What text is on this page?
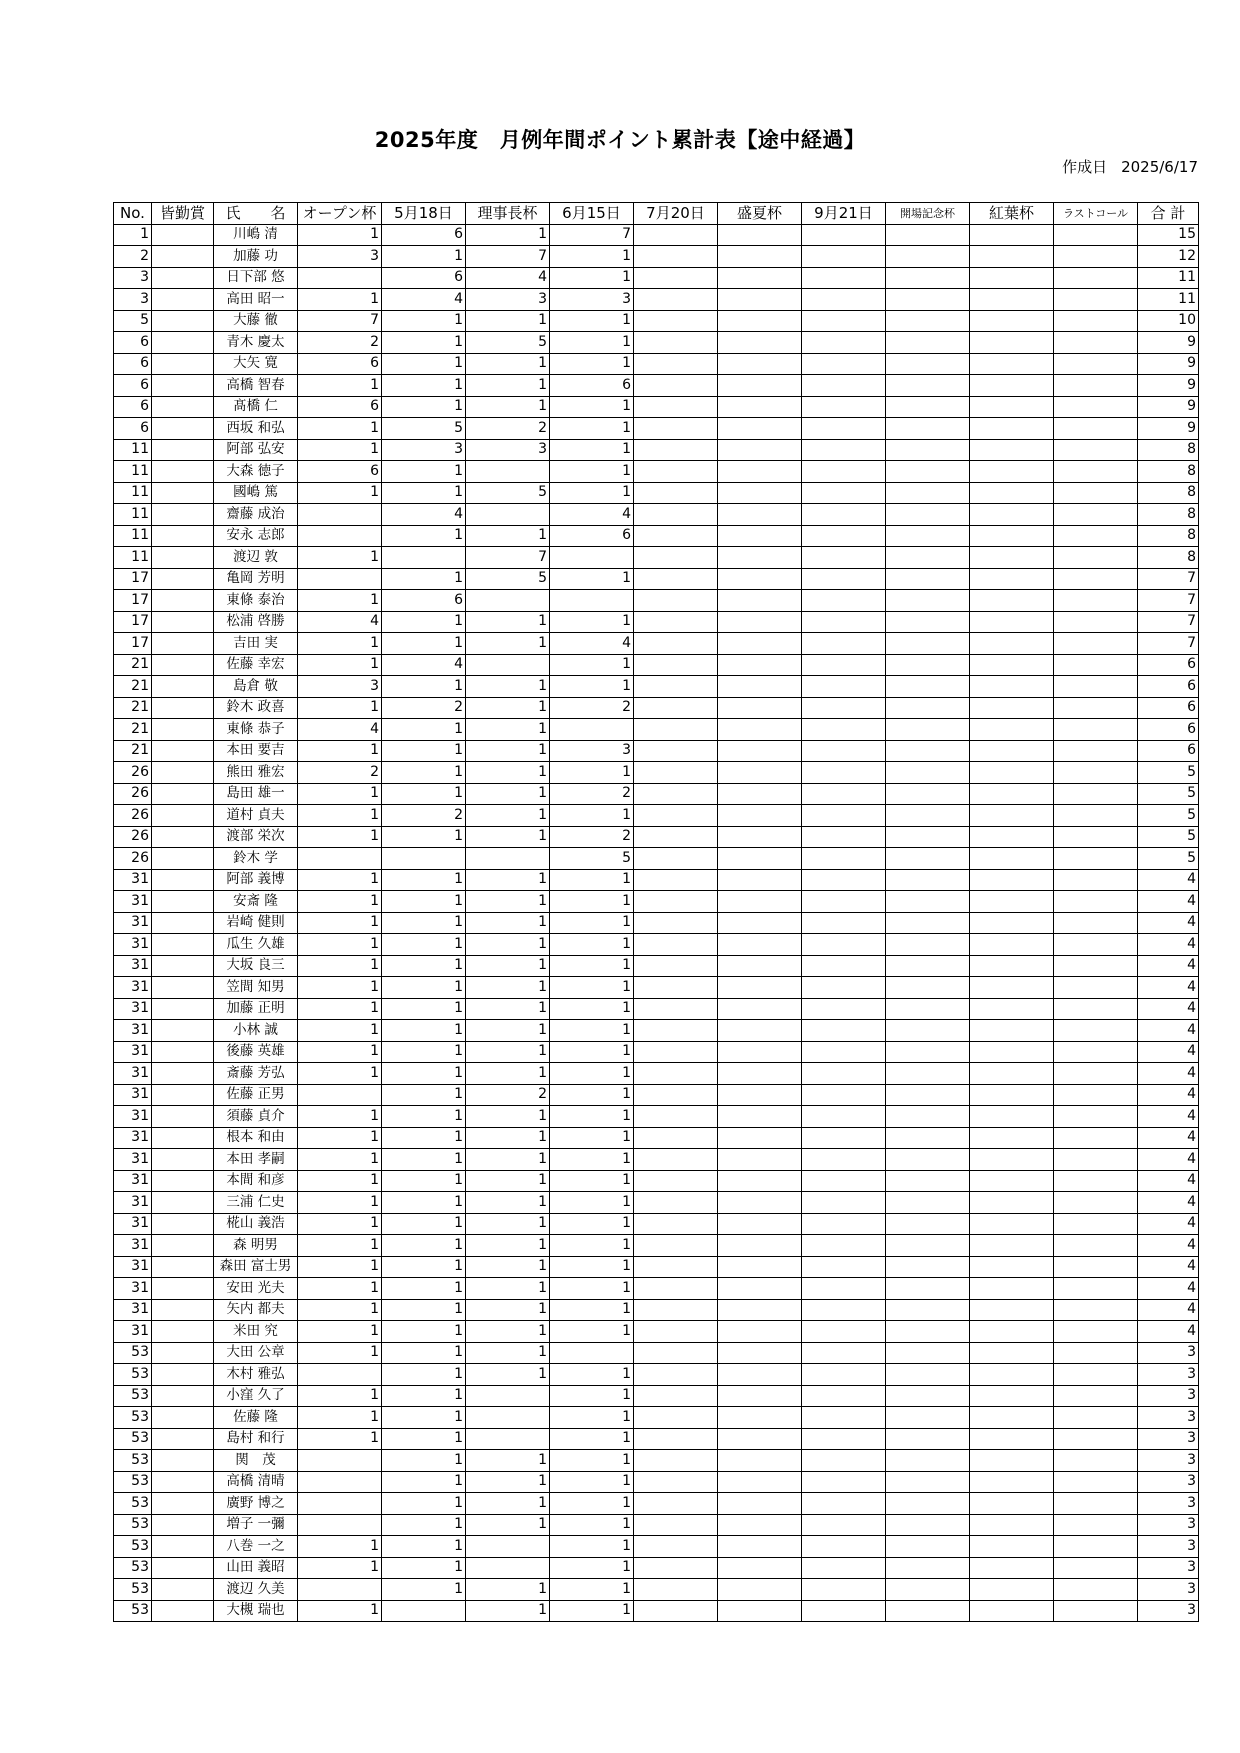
2025年度　月例年間ポイント累計表【途中経過】
作成日 2025/6/17
No.	皆勤賞	氏　　名	オープン杯	5月18日	理事長杯	6月15日	7月20日	盛夏杯	9月21日	開場記念杯	紅葉杯	ラストコール	合 計
1		川嶋 清	1	6	1	7							15
2		加藤 功	3	1	7	1							12
3		日下部 悠		6	4	1							11
3		高田 昭一	1	4	3	3							11
5		大藤 徹	7	1	1	1							10
6		青木 慶太	2	1	5	1							9
6		大矢 寛	6	1	1	1							9
6		高橋 智春	1	1	1	6							9
6		髙橋 仁	6	1	1	1							9
6		西坂 和弘	1	5	2	1							9
11		阿部 弘安	1	3	3	1							8
11		大森 徳子	6	1		1							8
11		國嶋 篤	1	1	5	1							8
11		齋藤 成治		4		4							8
11		安永 志郎		1	1	6							8
11		渡辺 敦	1		7								8
17		亀岡 芳明		1	5	1							7
17		東條 泰治	1	6									7
17		松浦 啓勝	4	1	1	1							7
17		吉田 実	1	1	1	4							7
21		佐藤 幸宏	1	4		1							6
21		島倉 敬	3	1	1	1							6
21		鈴木 政喜	1	2	1	2							6
21		東條 恭子	4	1	1								6
21		本田 要吉	1	1	1	3							6
26		熊田 雅宏	2	1	1	1							5
26		島田 雄一	1	1	1	2							5
26		道村 貞夫	1	2	1	1							5
26		渡部 栄次	1	1	1	2							5
26		鈴木 学				5							5
31		阿部 義博	1	1	1	1							4
31		安斎 隆	1	1	1	1							4
31		岩崎 健則	1	1	1	1							4
31		瓜生 久雄	1	1	1	1							4
31		大坂 良三	1	1	1	1							4
31		笠間 知男	1	1	1	1							4
31		加藤 正明	1	1	1	1							4
31		小林 誠	1	1	1	1							4
31		後藤 英雄	1	1	1	1							4
31		斎藤 芳弘	1	1	1	1							4
31		佐藤 正男		1	2	1							4
31		須藤 貞介	1	1	1	1							4
31		根本 和由	1	1	1	1							4
31		本田 孝嗣	1	1	1	1							4
31		本間 和彦	1	1	1	1							4
31		三浦 仁史	1	1	1	1							4
31		椛山 義浩	1	1	1	1							4
31		森 明男	1	1	1	1							4
31		森田 富士男	1	1	1	1							4
31		安田 光夫	1	1	1	1							4
31		矢内 都夫	1	1	1	1							4
31		米田 究	1	1	1	1							4
53		大田 公章	1	1	1								3
53		木村 雅弘		1	1	1							3
53		小窪 久了	1	1		1							3
53		佐藤 隆	1	1		1							3
53		島村 和行	1	1		1							3
53		関　茂		1	1	1							3
53		高橋 清晴		1	1	1							3
53		廣野 博之		1	1	1							3
53		増子 一彌		1	1	1							3
53		八巻 一之	1	1		1							3
53		山田 義昭	1	1		1							3
53		渡辺 久美		1	1	1							3
53		大槻 瑞也	1		1	1							3
